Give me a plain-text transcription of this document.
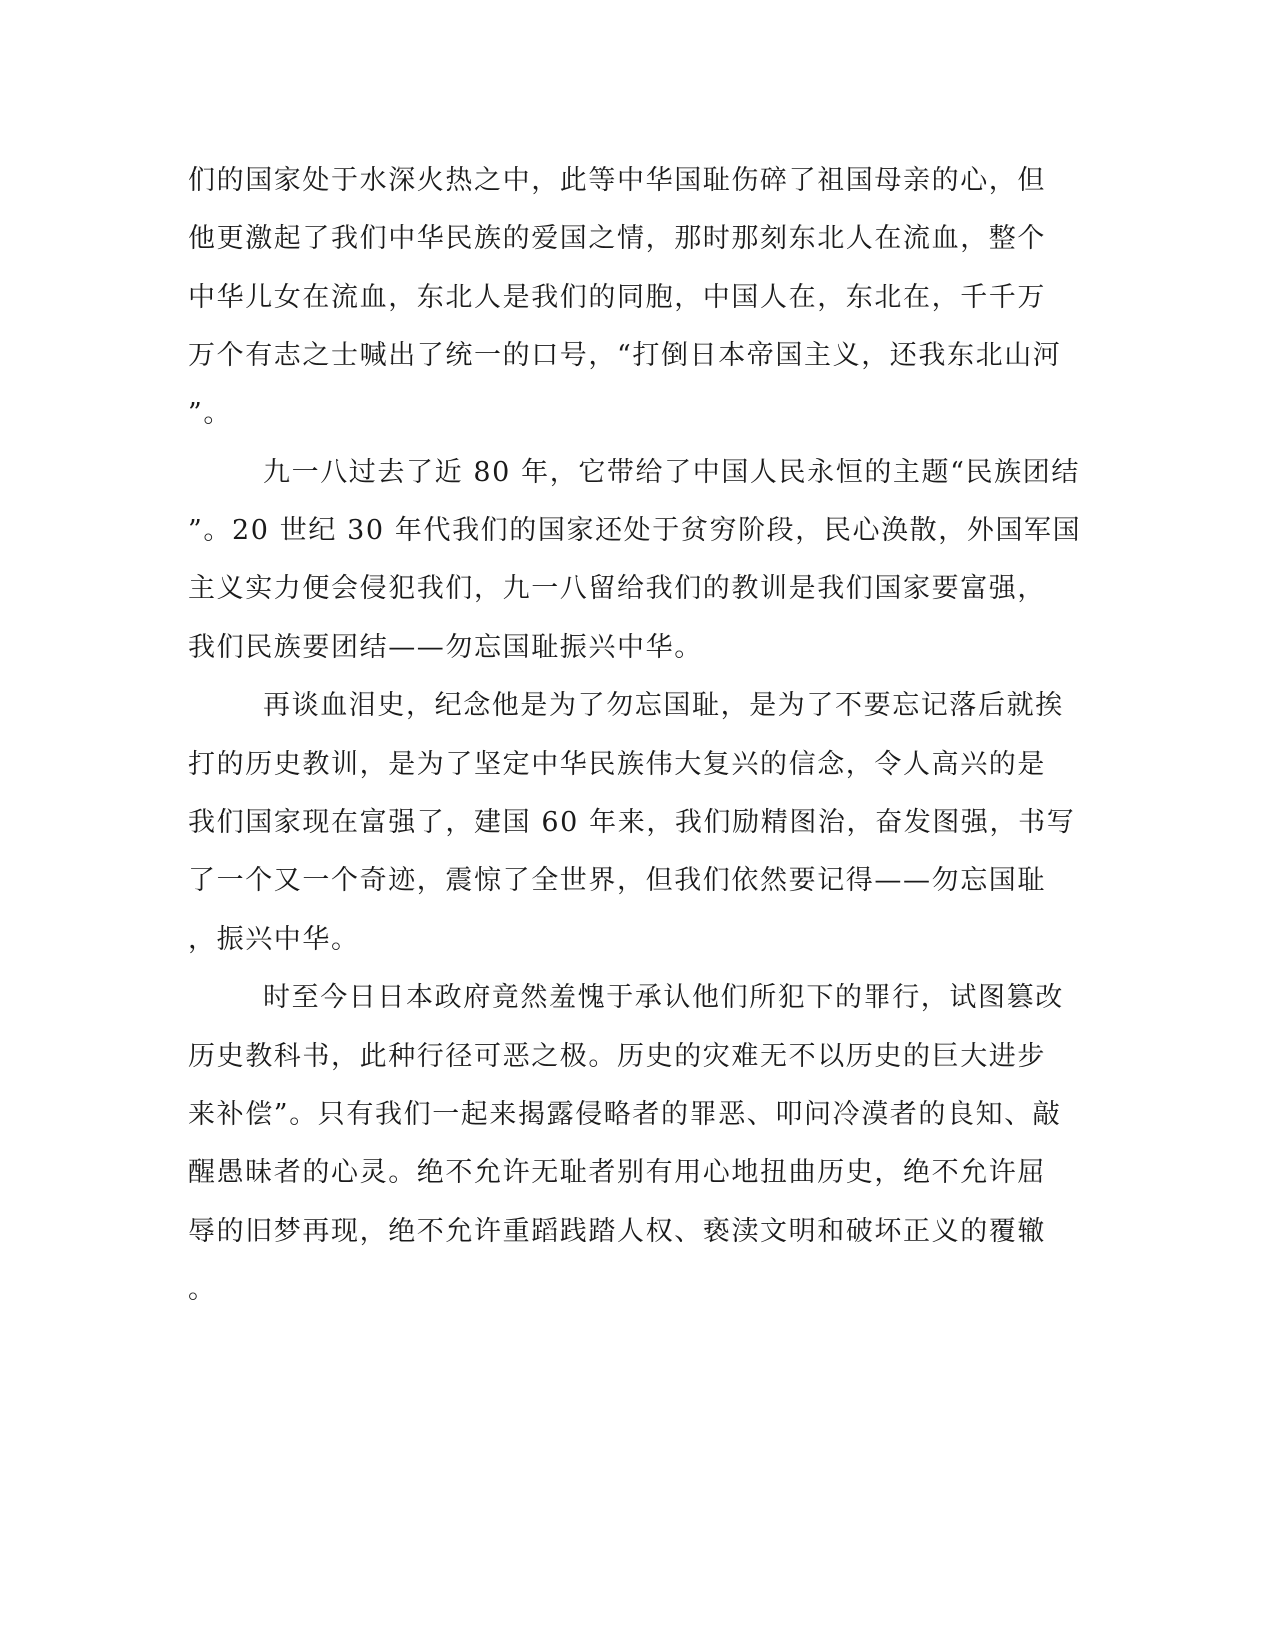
们的国家处于水深火热之中，此等中华国耻伤碎了祖国母亲的心，但
他更激起了我们中华民族的爱国之情，那时那刻东北人在流血，整个
中华儿女在流血，东北人是我们的同胞，中国人在，东北在，千千万
万个有志之士喊出了统一的口号，“打倒日本帝国主义，还我东北山河
”。
九一八过去了近 80 年，它带给了中国人民永恒的主题“民族团结
”。20 世纪 30 年代我们的国家还处于贫穷阶段，民心涣散，外国军国
主义实力便会侵犯我们，九一八留给我们的教训是我们国家要富强，
我们民族要团结——勿忘国耻振兴中华。
再谈血泪史，纪念他是为了勿忘国耻，是为了不要忘记落后就挨
打的历史教训，是为了坚定中华民族伟大复兴的信念，令人高兴的是
我们国家现在富强了，建国 60 年来，我们励精图治，奋发图强，书写
了一个又一个奇迹，震惊了全世界，但我们依然要记得——勿忘国耻
，振兴中华。
时至今日日本政府竟然羞愧于承认他们所犯下的罪行，试图篡改
历史教科书，此种行径可恶之极。历史的灾难无不以历史的巨大进步
来补偿”。只有我们一起来揭露侵略者的罪恶、叩问冷漠者的良知、敲
醒愚昧者的心灵。绝不允许无耻者别有用心地扭曲历史，绝不允许屈
辱的旧梦再现，绝不允许重蹈践踏人权、亵渎文明和破坏正义的覆辙
。
